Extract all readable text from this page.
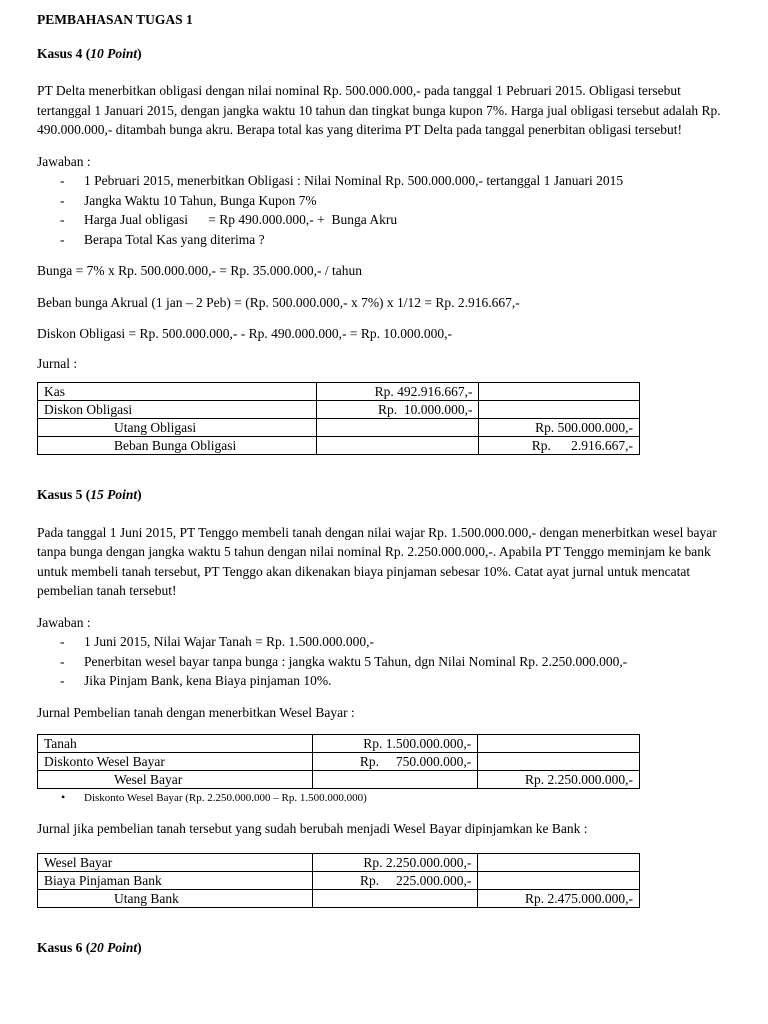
PEMBAHASAN TUGAS 1

Kasus 4 (10 Point)

PT Delta menerbitkan obligasi dengan nilai nominal Rp. 500.000.000,- pada tanggal 1 Pebruari 2015. Obligasi tersebut tertanggal 1 Januari 2015, dengan jangka waktu 10 tahun dan tingkat bunga kupon 7%. Harga jual obligasi tersebut adalah Rp. 490.000.000,- ditambah bunga akru. Berapa total kas yang diterima PT Delta pada tanggal penerbitan obligasi tersebut!

Jawaban :

- 1 Pebruari 2015, menerbitkan Obligasi : Nilai Nominal Rp. 500.000.000,- tertanggal 1 Januari 2015
- Jangka Waktu 10 Tahun, Bunga Kupon 7%
- Harga Jual obligasi      = Rp 490.000.000,- +  Bunga Akru
- Berapa Total Kas yang diterima ?

Bunga = 7% x Rp. 500.000.000,- = Rp. 35.000.000,- / tahun

Beban bunga Akrual (1 jan – 2 Peb) = (Rp. 500.000.000,- x 7%) x 1/12 = Rp. 2.916.667,-

Diskon Obligasi = Rp. 500.000.000,- - Rp. 490.000.000,- = Rp. 10.000.000,-

Jurnal :

Kas	Rp. 492.916.667,-	
Diskon Obligasi	Rp.  10.000.000,-	
Utang Obligasi		Rp. 500.000.000,-
Beban Bunga Obligasi		Rp.      2.916.667,-

Kasus 5 (15 Point)

Pada tanggal 1 Juni 2015, PT Tenggo membeli tanah dengan nilai wajar Rp. 1.500.000.000,- dengan menerbitkan wesel bayar tanpa bunga dengan jangka waktu 5 tahun dengan nilai nominal Rp. 2.250.000.000,-. Apabila PT Tenggo meminjam ke bank untuk membeli tanah tersebut, PT Tenggo akan dikenakan biaya pinjaman sebesar 10%. Catat ayat jurnal untuk mencatat pembelian tanah tersebut!

Jawaban :

- 1 Juni 2015, Nilai Wajar Tanah = Rp. 1.500.000.000,-
- Penerbitan wesel bayar tanpa bunga : jangka waktu 5 Tahun, dgn Nilai Nominal Rp. 2.250.000.000,-
- Jika Pinjam Bank, kena Biaya pinjaman 10%.

Jurnal Pembelian tanah dengan menerbitkan Wesel Bayar :

Tanah	Rp. 1.500.000.000,-	
Diskonto Wesel Bayar	Rp.     750.000.000,-	
Wesel Bayar		Rp. 2.250.000.000,-

• Diskonto Wesel Bayar (Rp. 2.250.000.000 – Rp. 1.500.000.000)

Jurnal jika pembelian tanah tersebut yang sudah berubah menjadi Wesel Bayar dipinjamkan ke Bank :

Wesel Bayar	Rp. 2.250.000.000,-	
Biaya Pinjaman Bank	Rp.     225.000.000,-	
Utang Bank		Rp. 2.475.000.000,-

Kasus 6 (20 Point)
